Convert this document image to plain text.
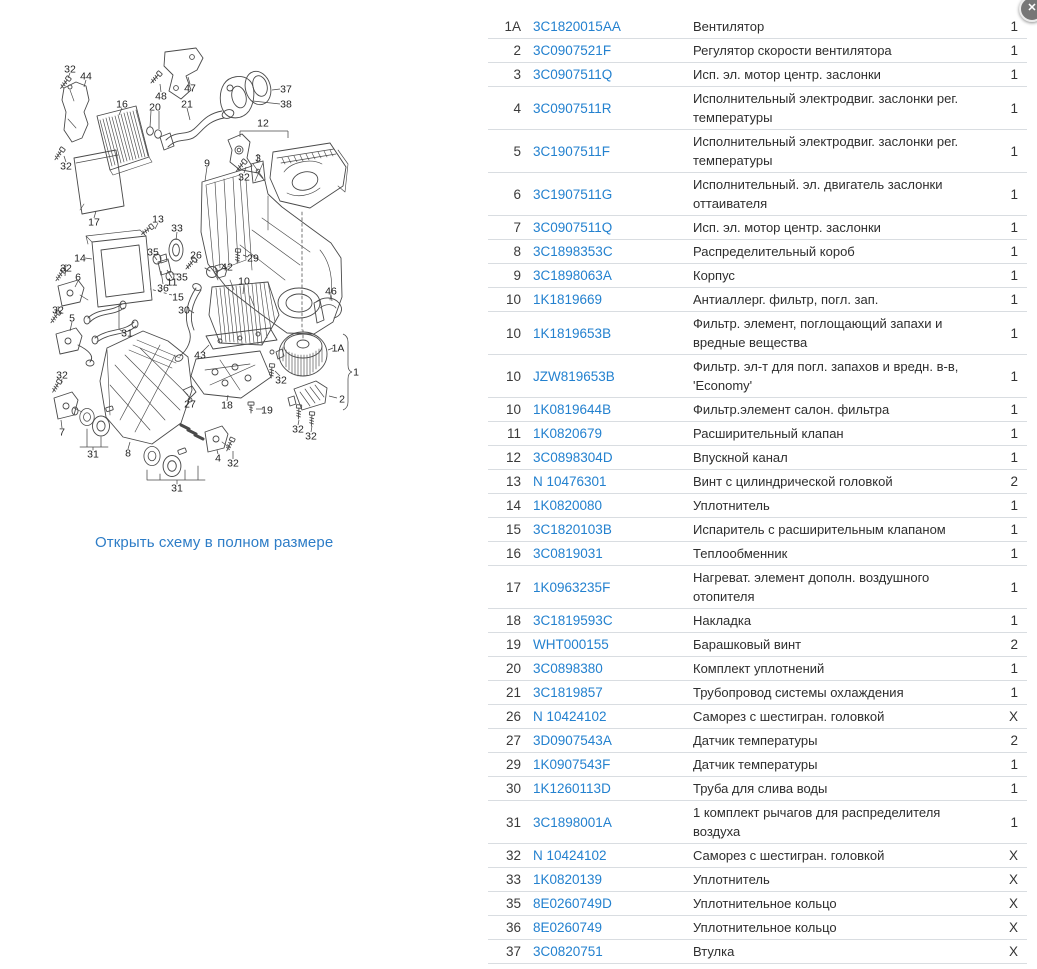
32
44
16 20
48
47
21
37
38
12
9	3
32
32
17	13
33
14	35	26	29
42
32
6	11
35
36
15
30
10
46
32
5
31
1A
1
43
32
2
27 18	19
32
7
31 8	4 32
31
32
32
Открыть схему в полном размере
✕
1A 3C1820015AA	Вентилятор	1
2 3C0907521F	Регулятор скорости вентилятора	1
3 3C0907511Q	Исп. эл. мотор центр. заслонки	1
4 3C0907511R
Исполнительный электродвиг. заслонки рег. температуры
1
5 3C1907511F
Исполнительный электродвиг. заслонки рег. температуры
1
6 3C1907511G
Исполнительный. эл. двигатель заслонки оттаивателя
1
7 3C0907511Q	Исп. эл. мотор центр. заслонки	1
8 3C1898353C	Распределительный короб	1
9 3C1898063A	Корпус	1
10 1K1819669	Антиаллерг. фильтр, погл. зап.	1
10 1K1819653B
Фильтр. элемент, поглощающий запахи и вредные вещества
1
10 JZW819653B
Фильтр. эл-т для погл. запахов и вредн. в-в, 'Economy'
1
10 1K0819644B	Фильтр.элемент салон. фильтра	1
11 1K0820679	Расширительный клапан	1
12 3C0898304D	Впускной канал	1
13 N 10476301	Винт с цилиндрической головкой	2
14 1K0820080	Уплотнитель	1
15 3C1820103B	Испаритель с расширительным клапаном	1
16 3C0819031	Теплообменник	1
17 1K0963235F
Нагреват. элемент дополн. воздушного отопителя
1
18 3C1819593C	Накладка	1
19 WHT000155	Барашковый винт	2
20 3C0898380	Комплект уплотнений	1
21 3C1819857	Трубопровод системы охлаждения	1
26 N 10424102	Саморез с шестигран. головкой	X
27 3D0907543A	Датчик температуры	2
29 1K0907543F	Датчик температуры	1
30 1K1260113D	Труба для слива воды	1
31 3C1898001A
1 комплект рычагов для распределителя воздуха
1
32 N 10424102	Саморез с шестигран. головкой	X
33 1K0820139	Уплотнитель	X
35 8E0260749D	Уплотнительное кольцо	X
36 8E0260749	Уплотнительное кольцо	X
37 3C0820751	Втулка	X
